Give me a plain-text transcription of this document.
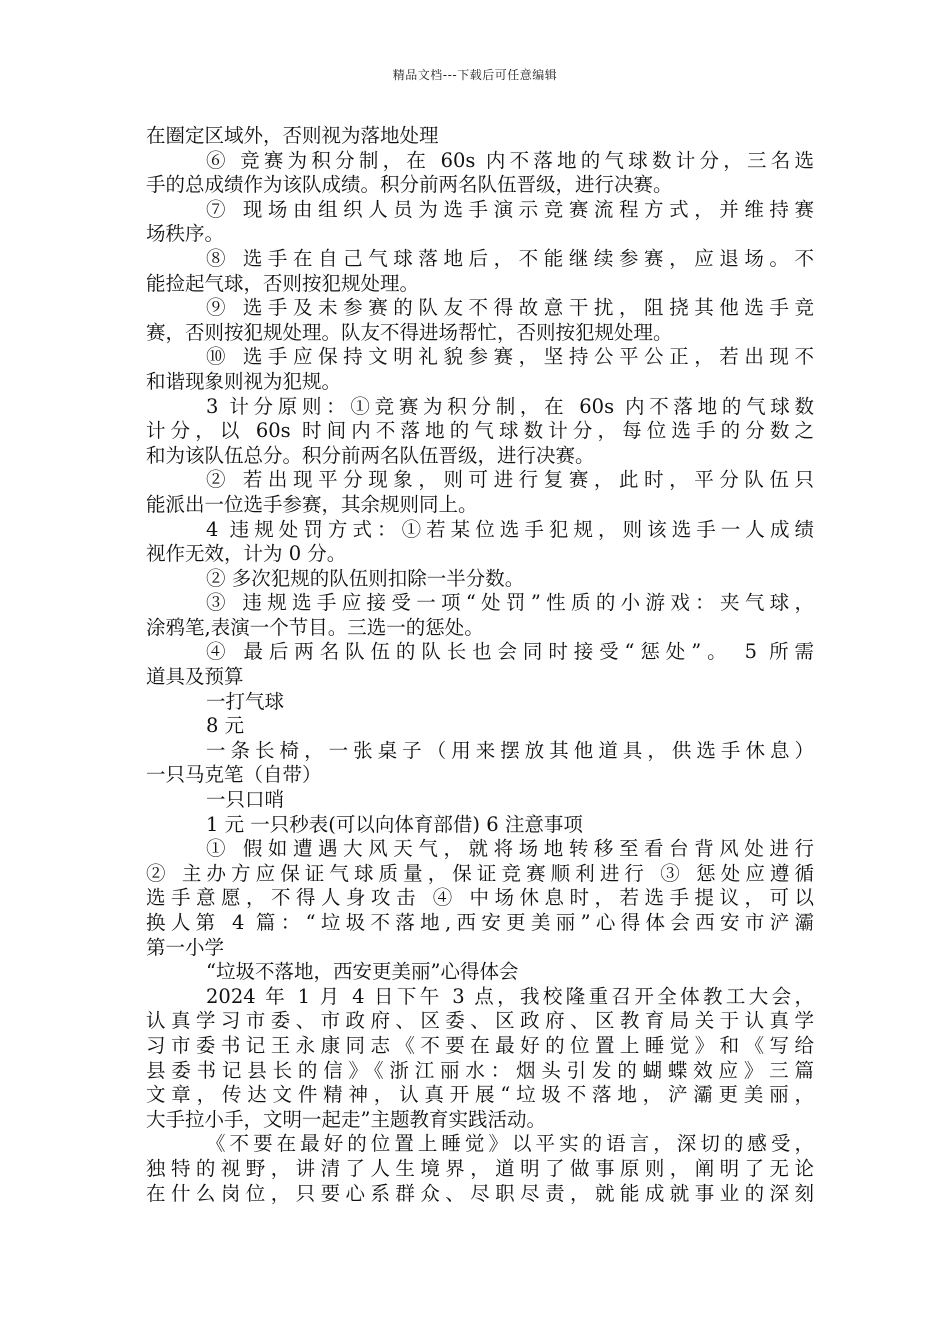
精品文档---下载后可任意编辑
在圈定区域外，否则视为落地处理
⑥ 竞赛为积分制，在 60s 内不落地的气球数计分，三名选
手的总成绩作为该队成绩。积分前两名队伍晋级，进行决赛。
⑦ 现场由组织人员为选手演示竞赛流程方式，并维持赛
场秩序。
⑧ 选手在自己气球落地后，不能继续参赛，应退场。不
能捡起气球，否则按犯规处理。
⑨ 选手及未参赛的队友不得故意干扰，阻挠其他选手竞
赛，否则按犯规处理。队友不得进场帮忙，否则按犯规处理。
⑩ 选手应保持文明礼貌参赛，坚持公平公正，若出现不
和谐现象则视为犯规。
3 计分原则：①竞赛为积分制，在 60s 内不落地的气球数
计分，以 60s 时间内不落地的气球数计分，每位选手的分数之
和为该队伍总分。积分前两名队伍晋级，进行决赛。
② 若出现平分现象，则可进行复赛，此时，平分队伍只
能派出一位选手参赛，其余规则同上。
4 违规处罚方式：①若某位选手犯规，则该选手一人成绩
视作无效，计为 0 分。
② 多次犯规的队伍则扣除一半分数。
③ 违规选手应接受一项“处罚”性质的小游戏：夹气球，
涂鸦笔,表演一个节目。三选一的惩处。
④ 最后两名队伍的队长也会同时接受“惩处”。 5 所需
道具及预算
一打气球
8 元
一条长椅，一张桌子（用来摆放其他道具，供选手休息）
一只马克笔（自带）
一只口哨
1 元 一只秒表(可以向体育部借) 6 注意事项
① 假如遭遇大风天气，就将场地转移至看台背风处进行
② 主办方应保证气球质量，保证竞赛顺利进行 ③ 惩处应遵循
选手意愿，不得人身攻击 ④ 中场休息时，若选手提议，可以
换人第 4 篇：“垃圾不落地,西安更美丽”心得体会西安市浐灞
第一小学
“垃圾不落地，西安更美丽”心得体会
2024 年 1 月 4 日下午 3 点，我校隆重召开全体教工大会，
认真学习市委、市政府、区委、区政府、区教育局关于认真学
习市委书记王永康同志《不要在最好的位置上睡觉》和《写给
县委书记县长的信》《浙江丽水：烟头引发的蝴蝶效应》三篇
文章，传达文件精神，认真开展“垃圾不落地，浐灞更美丽，
大手拉小手，文明一起走”主题教育实践活动。
《不要在最好的位置上睡觉》以平实的语言，深切的感受，
独特的视野，讲清了人生境界，道明了做事原则，阐明了无论
在什么岗位，只要心系群众、尽职尽责，就能成就事业的深刻
